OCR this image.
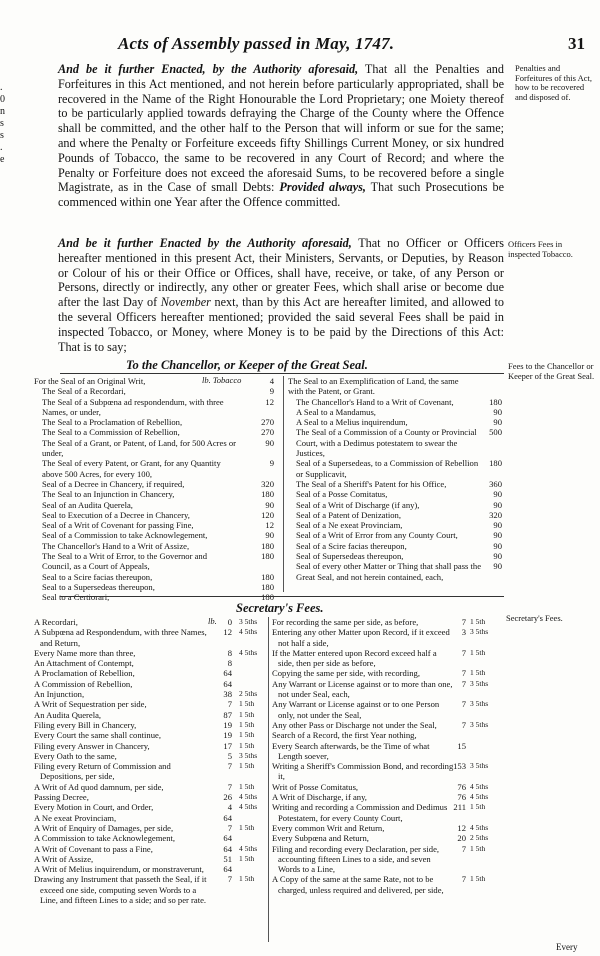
Acts of Assembly passed in May, 1747.	31
.
0
n
s
s
.
e
And be it further Enacted, by the Authority aforesaid, That all the Penalties and Forfeitures in this Act mentioned, and not herein before particularly appropriated, shall be recovered in the Name of the Right Honourable the Lord Proprietary; one Moiety thereof to be particularly applied towards defraying the Charge of the County where the Offence shall be committed, and the other half to the Person that will inform or sue for the same; and where the Penalty or Forfeiture exceeds fifty Shillings Current Money, or six hundred Pounds of Tobacco, the same to be recovered in any Court of Record; and where the Penalty or Forfeiture does not exceed the aforesaid Sums, to be recovered before a single Magistrate, as in the Case of small Debts: Provided always, That such Prosecutions be commenced within one Year after the Offence committed.
Penalties and Forfeitures of this Act, how to be recovered and disposed of.
And be it further Enacted by the Authority aforesaid, That no Officer or Officers hereafter mentioned in this present Act, their Ministers, Servants, or Deputies, by Reason or Colour of his or their Office or Offices, shall have, receive, or take, of any Person or Persons, directly or indirectly, any other or greater Fees, which shall arise or become due after the last Day of November next, than by this Act are hereafter limited, and allowed to the several Officers hereafter mentioned; provided the said several Fees shall be paid in inspected Tobacco, or Money, where Money is to be paid by the Directions of this Act: That is to say;
Officers Fees in inspected Tobacco.
To the Chancellor, or Keeper of the Great Seal.	Fees to the Chancellor or Keeper of the Great Seal.
lb. Tobacco
For the Seal of an Original Writ,	4
The Seal of a Recordari,	9
The Seal of a Subpœna ad respondendum, with three Names, or under,
12
The Seal to a Proclamation of Rebellion,	270
The Seal to a Commission of Rebellion,	270
The Seal of a Grant, or Patent, of Land, for 500 Acres or under,
90
The Seal of every Patent, or Grant, for any Quantity above 500 Acres, for every 100,
9
Seal of a Decree in Chancery, if required,	320
The Seal to an Injunction in Chancery,	180
Seal of an Audita Querela,	90
Seal to Execution of a Decree in Chancery,	120
Seal of a Writ of Covenant for passing Fine,	12
Seal of a Commission to take Acknowlegement,	90
The Chancellor's Hand to a Writ of Assize,	180
The Seal to a Writ of Error, to the Governor and Council, as a Court of Appeals,
180
Seal to a Scire facias thereupon,	180
Seal to a Supersedeas thereupon,	180
Seal to a Certiorari,	180
The Seal to an Exemplification of Land, the same with the Patent, or Grant.
The Chancellor's Hand to a Writ of Covenant,	180
A Seal to a Mandamus,	90
A Seal to a Melius inquirendum,	90
The Seal of a Commission of a County or Provincial Court, with a Dedimus potestatem to swear the Justices,
500
Seal of a Supersedeas, to a Commission of Rebellion or Supplicavit,
180
The Seal of a Sheriff's Patent for his Office,	360
Seal of a Posse Comitatus,	90
Seal of a Writ of Discharge (if any),	90
Seal of a Patent of Denization,	320
Seal of a Ne exeat Provinciam,	90
Seal of a Writ of Error from any County Court,	90
Seal of a Scire facias thereupon,	90
Seal of Supersedeas thereupon,	90
Seal of every other Matter or Thing that shall pass the Great Seal, and not herein contained, each,
90
Secretary's Fees.
Secretary's Fees.
lb.
A Recordari,	0 3 5ths
A Subpœna ad Respondendum, with three Names, and Return,
12 4 5ths
Every Name more than three,	8 4 5ths
An Attachment of Contempt,	8
A Proclamation of Rebellion,	64
A Commission of Rebellion,	64
An Injunction,	38 2 5ths
A Writ of Sequestration per side,	7 1 5th
An Audita Querela,	87 1 5th
Filing every Bill in Chancery,	19 1 5th
Every Court the same shall continue,	19 1 5th
Filing every Answer in Chancery,	17 1 5th
Every Oath to the same,	5 3 5ths
Filing every Return of Commission and Depositions, per side,
7 1 5th
A Writ of Ad quod damnum, per side,	7 1 5th
Passing Decree,	26 4 5ths
Every Motion in Court, and Order,	4 4 5ths
A Ne exeat Provinciam,	64
A Writ of Enquiry of Damages, per side,	7 1 5th
A Commission to take Acknowlegement,	64
A Writ of Covenant to pass a Fine,	64 4 5ths
A Writ of Assize,	51 1 5th
A Writ of Melius inquirendum, or monstraverunt, 64
Drawing any Instrument that passeth the Seal, if it exceed one side, computing seven Words to a Line, and fifteen Lines to a side; and so per rate.
7 1 5th
For recording the same per side, as before,	7 1 5th
Entering any other Matter upon Record, if it exceed not half a side,
3 3 5ths
If the Matter entered upon Record exceed half a side, then per side as before,
7 1 5th
Copying the same per side, with recording,	7 1 5th
Any Warrant or License against or to more than one, not under Seal, each,
7 3 5ths
Any Warrant or License against or to one Person only, not under the Seal,
7 3 5ths
Any other Pass or Discharge not under the Seal,	7 3 5ths
Search of a Record, the first Year nothing,
Every Search afterwards, be the Time of what Length soever,
15
Writing a Sheriff's Commission Bond, and recording it,
153 3 5ths
Writ of Posse Comitatus,	76 4 5ths
A Writ of Discharge, if any,	76 4 5ths
Writing and recording a Commission and Dedimus Potestatem, for every County Court,
211 1 5th
Every common Writ and Return,	12 4 5ths
Every Subpœna and Return,	20 2 5ths
Filing and recording every Declaration, per side, accounting fifteen Lines to a side, and seven Words to a Line,
7 1 5th
A Copy of the same at the same Rate, not to be charged, unless required and delivered, per side,
7 1 5th
Every
